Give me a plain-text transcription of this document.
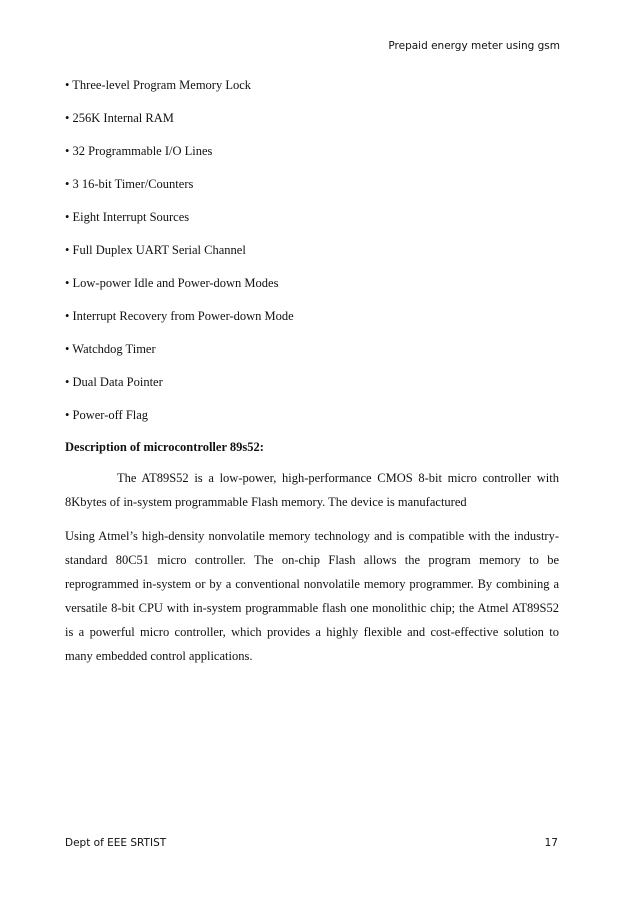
Prepaid energy meter using gsm
• Three-level Program Memory Lock
• 256K Internal RAM
• 32 Programmable I/O Lines
• 3 16-bit Timer/Counters
• Eight Interrupt Sources
• Full Duplex UART Serial Channel
• Low-power Idle and Power-down Modes
• Interrupt Recovery from Power-down Mode
• Watchdog Timer
• Dual Data Pointer
• Power-off Flag
Description of microcontroller 89s52:
The AT89S52 is a low-power, high-performance CMOS 8-bit micro controller with 8Kbytes of in-system programmable Flash memory. The device is manufactured
Using Atmel’s high-density nonvolatile memory technology and is compatible with the industry-standard 80C51 micro controller. The on-chip Flash allows the program memory to be reprogrammed in-system or by a conventional nonvolatile memory programmer. By combining a versatile 8-bit CPU with in-system programmable flash one monolithic chip; the Atmel AT89S52 is a powerful micro controller, which provides a highly flexible and cost-effective solution to many embedded control applications.
Dept of EEE SRTIST	17
